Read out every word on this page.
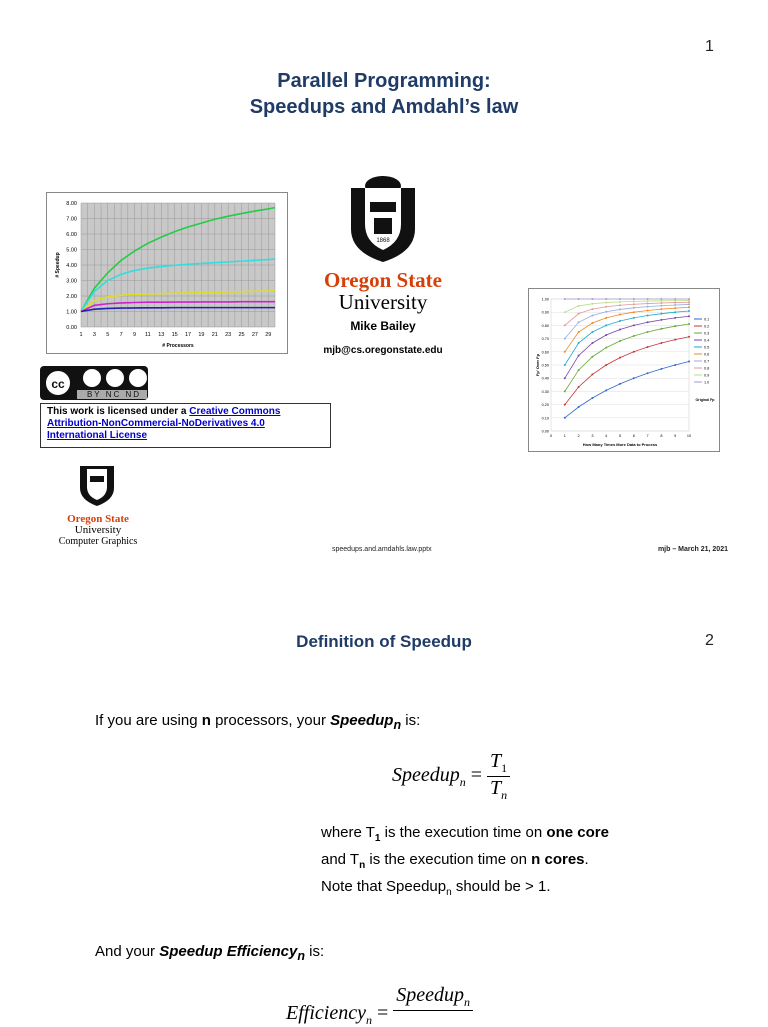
1
Parallel Programming:
Speedups and Amdahl’s law
0.00
1.00
2.00
3.00
4.00
5.00
6.00
7.00
8.00
1 3 5 7 9 11 13 15 17 19 21 23 25 27 29
# Processors
# Speedup
1868
Oregon State
University
Mike Bailey
mjb@cs.oregonstate.edu
0.00
0.10
0.20
0.30
0.40
0.50
0.60
0.70
0.80
0.90
1.00
0	1	2	3	4	5	6	7	8	9	10
How Many Times More Data to Process
Fp' Over Fp
0.1
0.2
0.3
0.4
0.5
0.6
0.7
0.8
0.9
1.0
Original Fp
cc
BY NC ND
This work is licensed under a Creative Commons Attribution-NonCommercial-NoDerivatives 4.0 International License
Oregon State
University
Computer Graphics
speedups.and.amdahls.law.pptx	mjb – March 21, 2021
2
Definition of Speedup
If you are using n processors, your Speedup$_n$ is:
Speedup$_n$ = $\frac{T_1}{T_n}$
where $T_1$ is the execution time on one core
and $T_n$ is the execution time on n cores.
Note that Speedup$_n$ should be > 1.
And your Speedup Efficiency$_n$ is:
Efficiency$_n$ =
Speedup$_n$
